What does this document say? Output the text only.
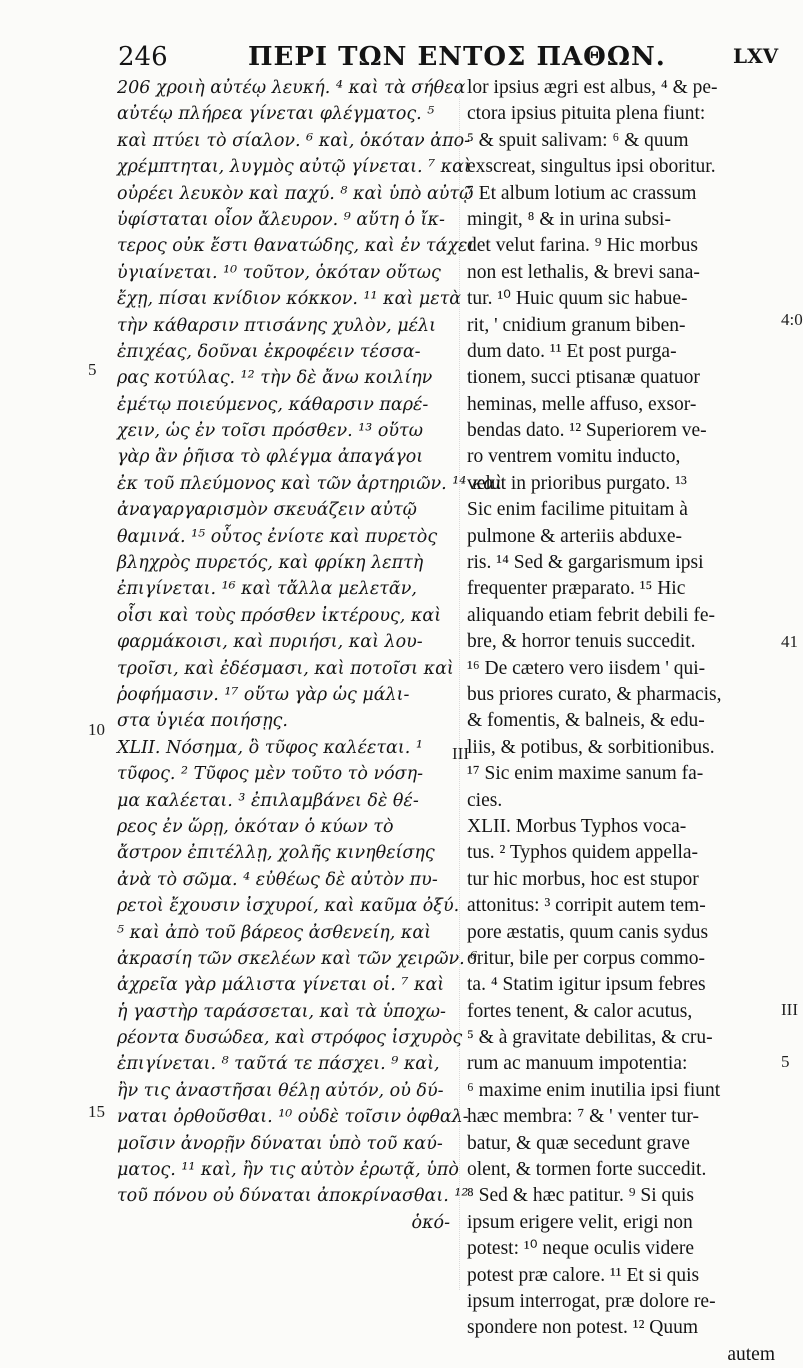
246	ΠΕΡΙ ΤΩΝ ΕΝΤΟΣ ΠΑΘΩΝ.	LXV
206 χροιὴ αὐτέῳ λευκή. ⁴ καὶ τὰ σήθεα
αὐτέῳ πλήρεα γίνεται φλέγματος. ⁵
καὶ πτύει τὸ σίαλον. ⁶ καὶ, ὁκόταν ἀπο-
χρέμπτηται, λυγμὸς αὐτῷ γίνεται. ⁷ καὶ
οὐρέει λευκὸν καὶ παχύ. ⁸ καὶ ὑπὸ αὐτῷ
ὑφίσταται οἷον ἄλευρον. ⁹ αὕτη ὁ ἴκ-
τερος οὐκ ἔστι θανατώδης, καὶ ἐν τάχει
ὑγιαίνεται. ¹⁰ τοῦτον, ὁκόταν οὕτως
ἔχῃ, πίσαι κνίδιον κόκκον. ¹¹ καὶ μετὰ
τὴν κάθαρσιν πτισάνης χυλὸν, μέλι
ἐπιχέας, δοῦναι ἐκροφέειν τέσσα-
ρας κοτύλας. ¹² τὴν δὲ ἄνω κοιλίην
ἐμέτῳ ποιεύμενος, κάθαρσιν παρέ-
χειν, ὡς ἐν τοῖσι πρόσθεν. ¹³ οὕτω
γὰρ ἂν ῥῆισα τὸ φλέγμα ἀπαγάγοι
ἐκ τοῦ πλεύμονος καὶ τῶν ἀρτηριῶν. ¹⁴ καὶ
ἀναγαργαρισμὸν σκευάζειν αὐτῷ
θαμινά. ¹⁵ οὗτος ἐνίοτε καὶ πυρετὸς
βληχρὸς πυρετός, καὶ φρίκη λεπτὴ
ἐπιγίνεται. ¹⁶ καὶ τἄλλα μελετᾶν,
οἷσι καὶ τοὺς πρόσθεν ἰκτέρους, καὶ
φαρμάκοισι, καὶ πυριήσι, καὶ λου-
τροῖσι, καὶ ἐδέσμασι, καὶ ποτοῖσι καὶ
ῥοφήμασιν. ¹⁷ οὕτω γὰρ ὡς μάλι-
στα ὑγιέα ποιήσῃς.
XLII. Νόσημα, ὃ τῦφος καλέεται. ¹
τῦφος. ² Τῦφος μὲν τοῦτο τὸ νόση-
μα καλέεται. ³ ἐπιλαμβάνει δὲ θέ-
ρεος ἐν ὥρῃ, ὁκόταν ὁ κύων τὸ
ἄστρον ἐπιτέλλῃ, χολῆς κινηθείσης
ἀνὰ τὸ σῶμα. ⁴ εὐθέως δὲ αὐτὸν πυ-
ρετοὶ ἔχουσιν ἰσχυροί, καὶ καῦμα ὀξύ.
⁵ καὶ ἀπὸ τοῦ βάρεος ἀσθενείη, καὶ
ἀκρασίη τῶν σκελέων καὶ τῶν χειρῶν. ⁶
ἀχρεῖα γὰρ μάλιστα γίνεται οἱ. ⁷ καὶ
ἡ γαστὴρ ταράσσεται, καὶ τὰ ὑποχω-
ρέοντα δυσώδεα, καὶ στρόφος ἰσχυρὸς
ἐπιγίνεται. ⁸ ταῦτά τε πάσχει. ⁹ καὶ,
ἢν τις ἀναστῆσαι θέλῃ αὐτόν, οὐ δύ-
ναται ὀρθοῦσθαι. ¹⁰ οὐδὲ τοῖσιν ὀφθαλ-
μοῖσιν ἀνορῇν δύναται ὑπὸ τοῦ καύ-
ματος. ¹¹ καὶ, ἢν τις αὐτὸν ἐρωτᾷ, ὑπὸ
τοῦ πόνου οὐ δύναται ἀποκρίνασθαι. ¹²
ὁκό-
lor ipsius ægri est albus, ⁴ & pe-
ctora ipsius pituita plena fiunt:
⁵ & spuit salivam: ⁶ & quum
exscreat, singultus ipsi oboritur.
⁷ Et album lotium ac crassum
mingit, ⁸ & in urina subsi-
det velut farina. ⁹ Hic morbus
non est lethalis, & brevi sana-
tur. ¹⁰ Huic quum sic habue-
rit, ' cnidium granum biben-
dum dato. ¹¹ Et post purga-
tionem, succi ptisanæ quatuor
heminas, melle affuso, exsor-
bendas dato. ¹² Superiorem ve-
ro ventrem vomitu inducto,
velut in prioribus purgato. ¹³
Sic enim facilime pituitam à
pulmone & arteriis abduxe-
ris. ¹⁴ Sed & gargarismum ipsi
frequenter præparato. ¹⁵ Hic
aliquando etiam febrit debili fe-
bre, & horror tenuis succedit.
¹⁶ De cætero vero iisdem ' qui-
bus priores curato, & pharmacis,
& fomentis, & balneis, & edu-
liis, & potibus, & sorbitionibus.
¹⁷ Sic enim maxime sanum fa-
cies.
XLII. Morbus Typhos voca-
tus. ² Typhos quidem appella-
tur hic morbus, hoc est stupor
attonitus: ³ corripit autem tem-
pore æstatis, quum canis sydus
oritur, bile per corpus commo-
ta. ⁴ Statim igitur ipsum febres
fortes tenent, & calor acutus,
⁵ & à gravitate debilitas, & cru-
rum ac manuum impotentia:
⁶ maxime enim inutilia ipsi fiunt
hæc membra: ⁷ & ' venter tur-
batur, & quæ secedunt grave
olent, & tormen forte succedit.
⁸ Sed & hæc patitur. ⁹ Si quis
ipsum erigere velit, erigi non
potest: ¹⁰ neque oculis videre
potest præ calore. ¹¹ Et si quis
ipsum interrogat, præ dolore re-
spondere non potest. ¹² Quum
autem
5
10
15
III
4:0
41
III
5
